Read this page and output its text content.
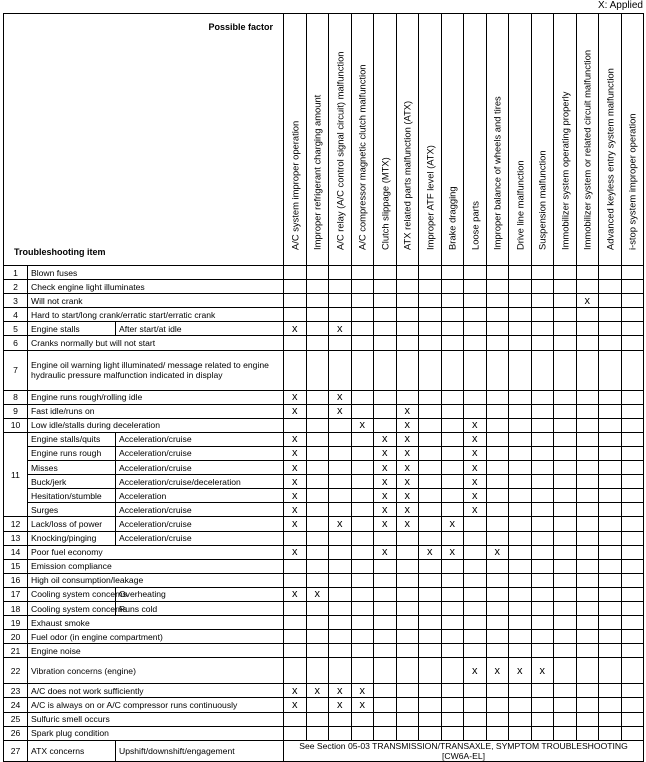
X: Applied
Possible factor
Troubleshooting item			A/C system improper operation	Improper refrigerant charging amount	A/C relay (A/C control signal circuit) malfunction	A/C compressor magnetic clutch malfunction	Clutch slippage (MTX)	ATX related parts malfunction (ATX)	Improper ATF level (ATX)	Brake dragging	Loose parts	Improper balance of wheels and tires	Drive line malfunction	Suspension malfunction	Immobilizer system operating properly	Immobilizer system or related circuit malfunction	Advanced keyless entry system malfunction	i-stop system improper operation

1	Blown fuses																	
2	Check engine light illuminates																	
3	Will not crank															x		
4	Hard to start/long crank/erratic start/erratic crank																	
5	Engine stalls	After start/at idle	x		x													
6	Cranks normally but will not start																	
7	Engine oil warning light illuminated/ message related to engine hydraulic pressure malfunction indicated in display																	
8	Engine runs rough/rolling idle		x		x													
9	Fast idle/runs on		x		x			x										
10	Low idle/stalls during deceleration					x		x			x							
11	Engine stalls/quits	Acceleration/cruise	x				x	x			x							
	Engine runs rough	Acceleration/cruise	x				x	x			x							
	Misses	Acceleration/cruise	x				x	x			x							
	Buck/jerk	Acceleration/cruise/deceleration	x				x	x			x							
	Hesitation/stumble	Acceleration	x				x	x			x							
	Surges	Acceleration/cruise	x				x	x			x							
12	Lack/loss of power	Acceleration/cruise	x		x		x	x		x								
13	Knocking/pinging	Acceleration/cruise																
14	Poor fuel economy		x				x		x	x		x						
15	Emission compliance																	
16	High oil consumption/leakage																	
17	Cooling system concerns	Overheating	x	x														
18	Cooling system concerns	Runs cold																
19	Exhaust smoke																	
20	Fuel odor (in engine compartment)																	
21	Engine noise																	
22	Vibration concerns (engine)										x	x	x	x				
23	A/C does not work sufficiently		x	x	x	x												
24	A/C is always on or A/C compressor runs continuously		x		x	x												
25	Sulfuric smell occurs																	
26	Spark plug condition																	
27	ATX concerns	Upshift/downshift/engagement	See Section 05-03 TRANSMISSION/TRANSAXLE, SYMPTOM TROUBLESHOOTING [CW6A-EL]															
